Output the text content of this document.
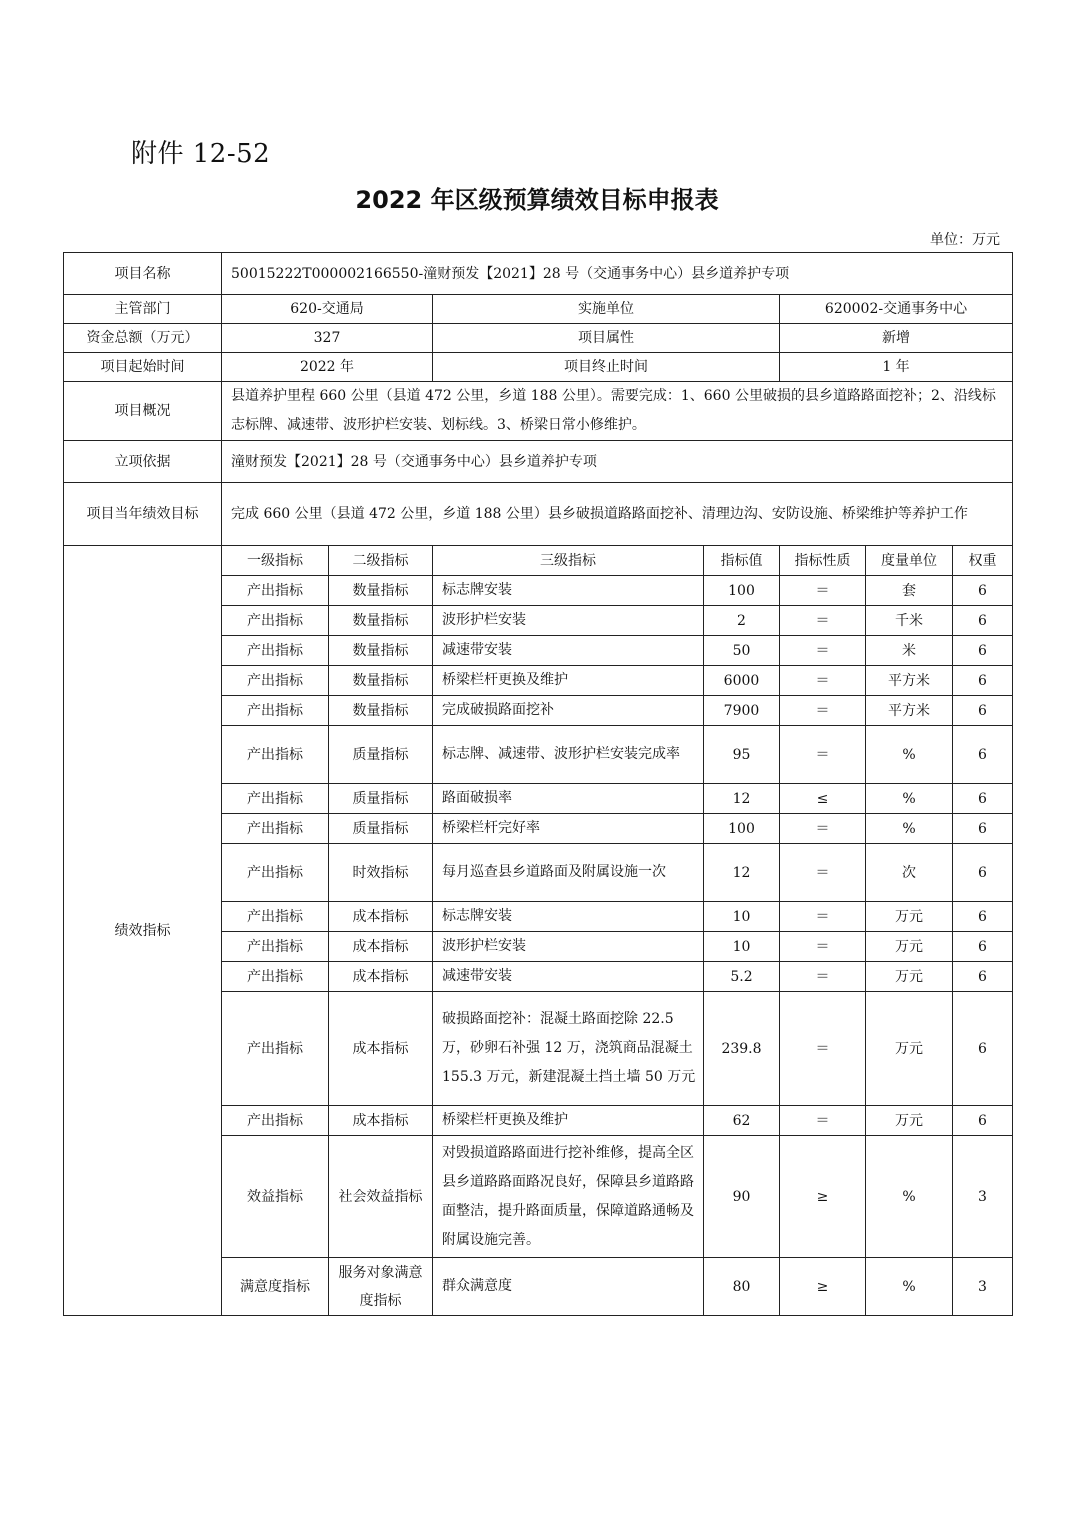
附件 12-52
2022 年区级预算绩效目标申报表
单位：万元
项目名称	50015222T000002166550-潼财预发【2021】28 号（交通事务中心）县乡道养护专项						
主管部门	620-交通局		实施单位		620002-交通事务中心		
资金总额（万元）	327		项目属性		新增		
项目起始时间	2022 年		项目终止时间		1 年		
项目概况	县道养护里程 660 公里（县道 472 公里，乡道 188 公里）。需要完成：1、660 公里破损的县乡道路路面挖补；2、沿线标志标牌、减速带、波形护栏安装、划标线。3、桥梁日常小修维护。						
立项依据	潼财预发【2021】28 号（交通事务中心）县乡道养护专项						
项目当年绩效目标	完成 660 公里（县道 472 公里，乡道 188 公里）县乡破损道路路面挖补、清理边沟、安防设施、桥梁维护等养护工作						
绩效指标	一级指标	二级指标	三级指标	指标值	指标性质	度量单位	权重
	产出指标	数量指标	标志牌安装	100	＝	套	6
	产出指标	数量指标	波形护栏安装	2	＝	千米	6
	产出指标	数量指标	减速带安装	50	＝	米	6
	产出指标	数量指标	桥梁栏杆更换及维护	6000	＝	平方米	6
	产出指标	数量指标	完成破损路面挖补	7900	＝	平方米	6
	产出指标	质量指标	标志牌、减速带、波形护栏安装完成率	95	＝	%	6
	产出指标	质量指标	路面破损率	12	≤	%	6
	产出指标	质量指标	桥梁栏杆完好率	100	＝	%	6
	产出指标	时效指标	每月巡查县乡道路面及附属设施一次	12	＝	次	6
	产出指标	成本指标	标志牌安装	10	＝	万元	6
	产出指标	成本指标	波形护栏安装	10	＝	万元	6
	产出指标	成本指标	减速带安装	5.2	＝	万元	6
	产出指标	成本指标	破损路面挖补：混凝土路面挖除 22.5 万，砂卵石补强 12 万，浇筑商品混凝土 155.3 万元，新建混凝土挡土墙 50 万元	239.8	＝	万元	6
	产出指标	成本指标	桥梁栏杆更换及维护	62	＝	万元	6
	效益指标	社会效益指标	对毁损道路路面进行挖补维修，提高全区县乡道路路面路况良好，保障县乡道路路面整洁，提升路面质量，保障道路通畅及附属设施完善。	90	≥	%	3
	满意度指标	服务对象满意度指标	群众满意度	80	≥	%	3
